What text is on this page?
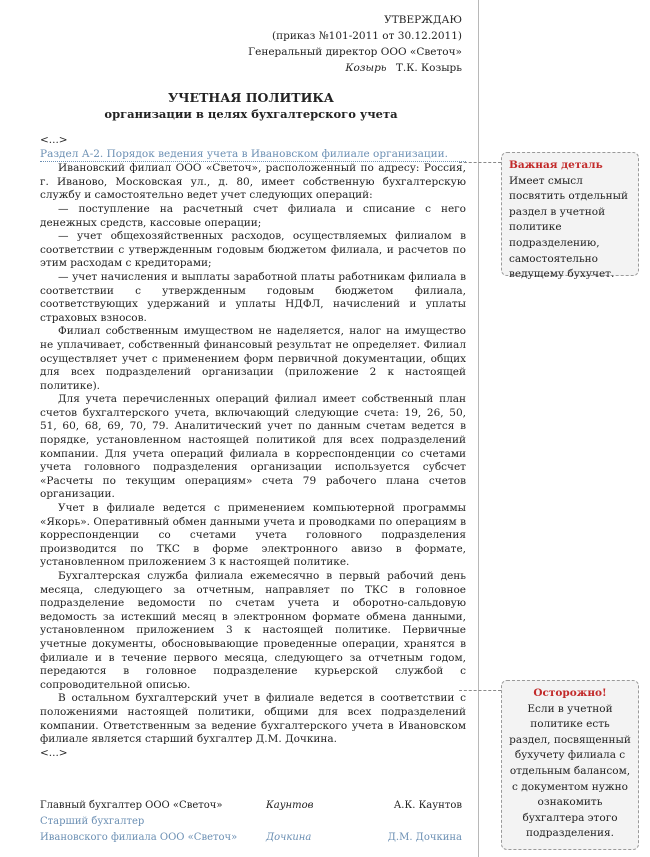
УТВЕРЖДАЮ
(приказ №101-2011 от 30.12.2011)
Генеральный директор ООО «Светоч»
Козырь Т.К. Козырь
УЧЕТНАЯ ПОЛИТИКА
организации в целях бухгалтерского учета

<...>

Раздел А-2. Порядок ведения учета в Ивановском филиале организации.

Ивановский филиал ООО «Светоч», расположенный по адресу: Россия, г. Иваново, Московская ул., д. 80, имеет собственную бухгалтерскую службу и самостоятельно ведет учет следующих операций:

— поступление на расчетный счет филиала и списание с него денежных средств, кассовые операции;

— учет общехозяйственных расходов, осуществляемых филиалом в соответствии с утвержденным годовым бюджетом филиала, и расчетов по этим расходам с кредиторами;

— учет начисления и выплаты заработной платы работникам филиала в соответствии с утвержденным годовым бюджетом филиала, соответствующих удержаний и уплаты НДФЛ, начислений и уплаты страховых взносов.

Филиал собственным имуществом не наделяется, налог на имущество не уплачивает, собственный финансовый результат не определяет. Филиал осуществляет учет с применением форм первичной документации, общих для всех подразделений организации (приложение 2 к настоящей политике).

Для учета перечисленных операций филиал имеет собственный план счетов бухгалтерского учета, включающий следующие счета: 19, 26, 50, 51, 60, 68, 69, 70, 79. Аналитический учет по данным счетам ведется в порядке, установленном настоящей политикой для всех подразделений компании. Для учета операций филиала в корреспонденции со счетами учета головного подразделения организации используется субсчет «Расчеты по текущим операциям» счета 79 рабочего плана счетов организации.

Учет в филиале ведется с применением компьютерной программы «Якорь». Оперативный обмен данными учета и проводками по операциям в корреспонденции со счетами учета головного подразделения производится по ТКС в форме электронного авизо в формате, установленном приложением 3 к настоящей политике.

Бухгалтерская служба филиала ежемесячно в первый рабочий день месяца, следующего за отчетным, направляет по ТКС в головное подразделение ведомости по счетам учета и оборотно-сальдовую ведомость за истекший месяц в электронном формате обмена данными, установленном приложением 3 к настоящей политике. Первичные учетные документы, обосновывающие проведенные операции, хранятся в филиале и в течение первого месяца, следующего за отчетным годом, передаются в головное подразделение курьерской службой с сопроводительной описью.

В остальном бухгалтерский учет в филиале ведется в соответствии с положениями настоящей политики, общими для всех подразделений компании. Ответственным за ведение бухгалтерского учета в Ивановском филиале является старший бухгалтер Д.М. Дочкина.

<...>

Главный бухгалтер ООО «Светоч»	Каунтов	А.К. Каунтов
Старший бухгалтер
Ивановского филиала ООО «Светоч»	Дочкина	Д.М. Дочкина
Важная деталь
Имеет смысл посвятить отдельный раздел в учетной политике подразделению, самостоятельно ведущему бухучет.
Осторожно!
Если в учетной политике есть раздел, посвященный бухучету филиала с отдельным балансом, с документом нужно ознакомить бухгалтера этого подразделения.
